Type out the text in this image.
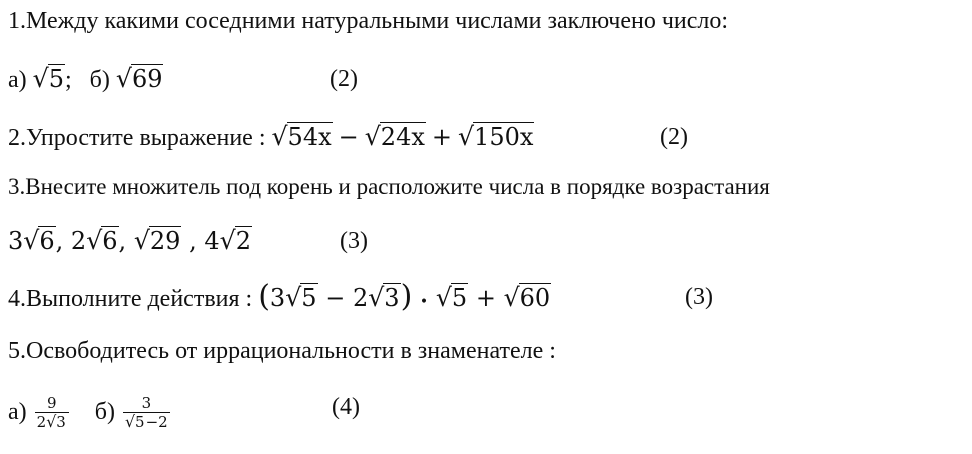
1.Между какими соседними натуральными числами заключено число:
а) √5; б) √69	(2)
2.Упростите выражение : √54x − √24x + √150x	(2)
3.Внесите множитель под корень и расположите числа в порядке возрастания
3√6, 2√6, √29 , 4√2	(3)
4.Выполните действия : (3√5 − 2√3) • √5 + √60	(3)
5.Освободитесь от иррациональности в знаменателе :
$а) \frac{9}{2√3} б) \frac{3}{√5-2}$	(4)
